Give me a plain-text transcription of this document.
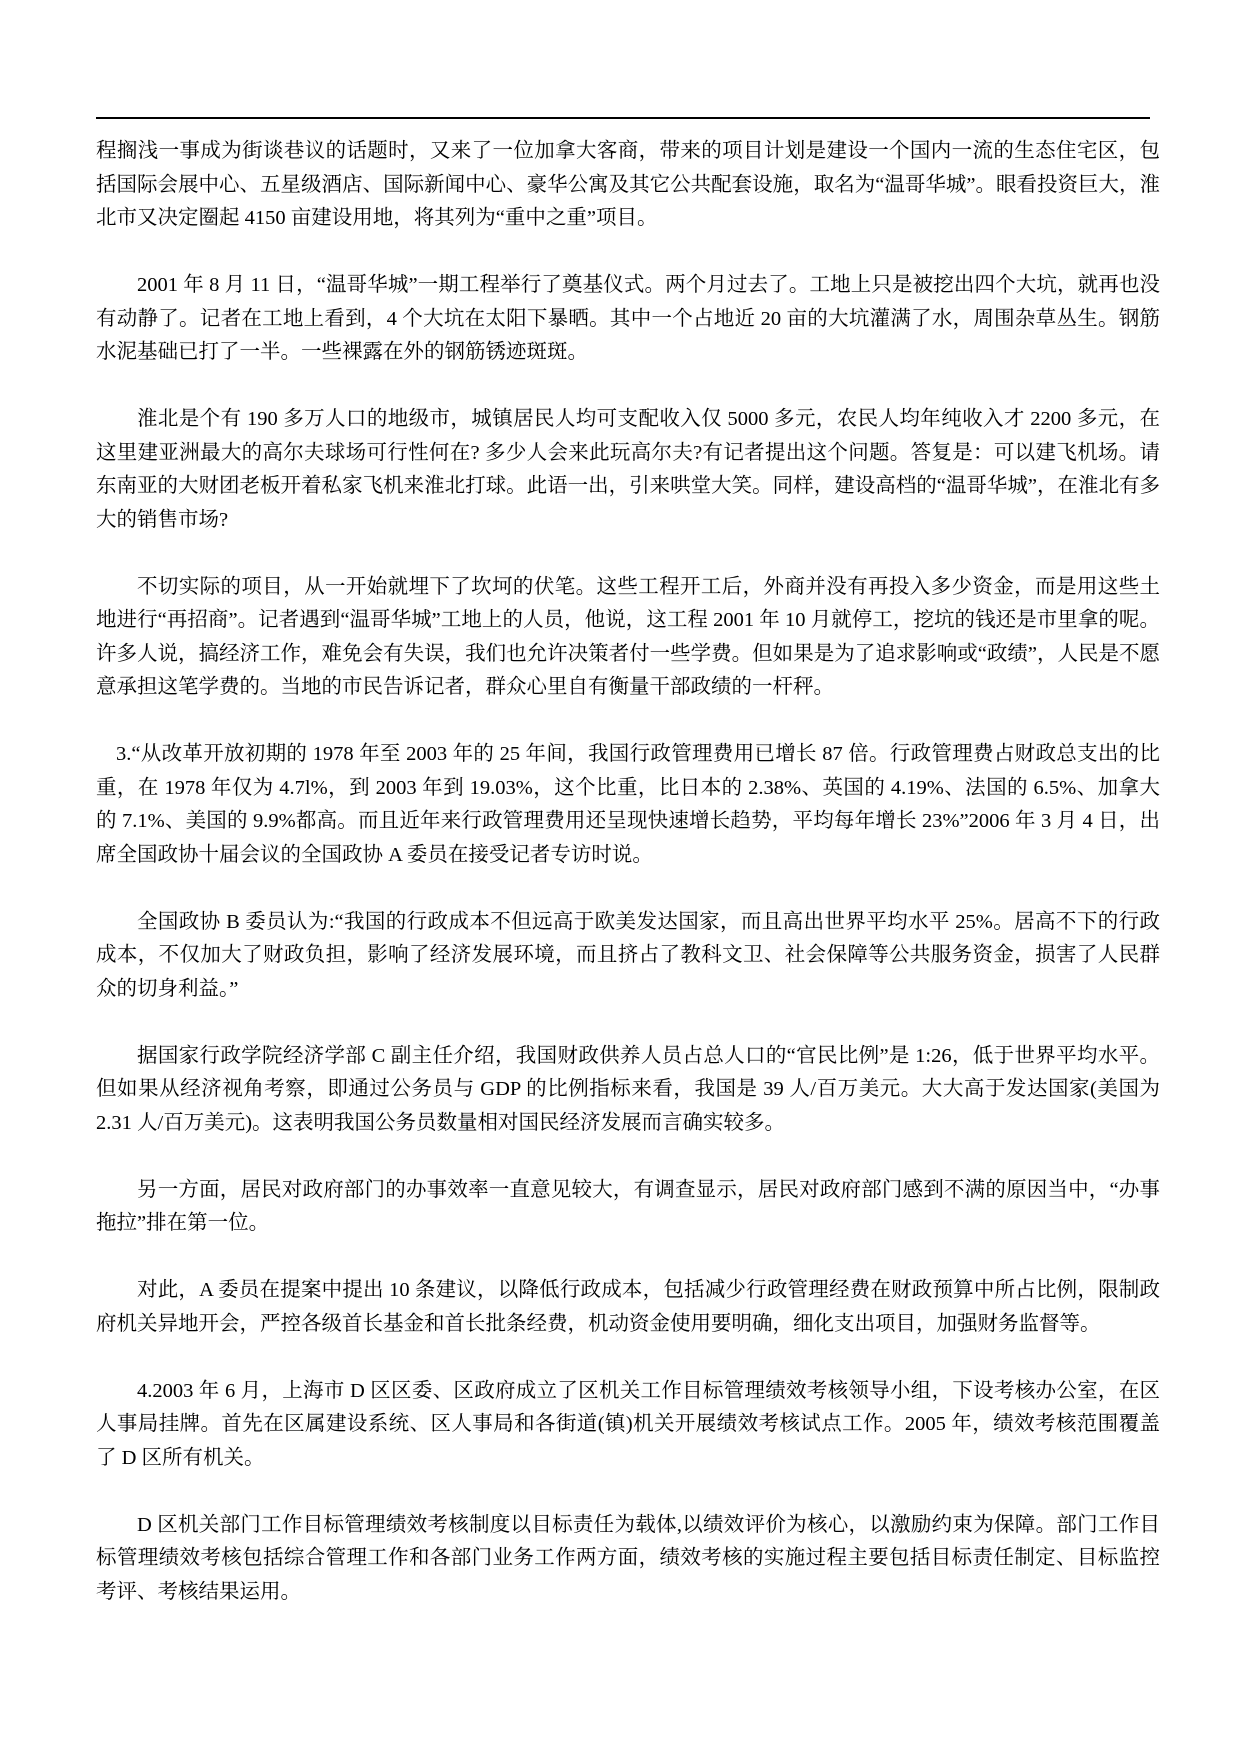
程搁浅一事成为街谈巷议的话题时，又来了一位加拿大客商，带来的项目计划是建设一个国内一流的生态住宅区，包括国际会展中心、五星级酒店、国际新闻中心、豪华公寓及其它公共配套设施，取名为“温哥华城”。眼看投资巨大，淮北市又决定圈起 4150 亩建设用地，将其列为“重中之重”项目。

2001 年 8 月 11 日，“温哥华城”一期工程举行了奠基仪式。两个月过去了。工地上只是被挖出四个大坑，就再也没有动静了。记者在工地上看到，4 个大坑在太阳下暴晒。其中一个占地近 20 亩的大坑灌满了水，周围杂草丛生。钢筋水泥基础已打了一半。一些裸露在外的钢筋锈迹斑斑。

淮北是个有 190 多万人口的地级市，城镇居民人均可支配收入仅 5000 多元，农民人均年纯收入才 2200 多元，在这里建亚洲最大的高尔夫球场可行性何在? 多少人会来此玩高尔夫?有记者提出这个问题。答复是：可以建飞机场。请东南亚的大财团老板开着私家飞机来淮北打球。此语一出，引来哄堂大笑。同样，建设高档的“温哥华城”，在淮北有多大的销售市场?

不切实际的项目，从一开始就埋下了坎坷的伏笔。这些工程开工后，外商并没有再投入多少资金，而是用这些土地进行“再招商”。记者遇到“温哥华城”工地上的人员，他说，这工程 2001 年 10 月就停工，挖坑的钱还是市里拿的呢。许多人说，搞经济工作，难免会有失误，我们也允许决策者付一些学费。但如果是为了追求影响或“政绩”，人民是不愿意承担这笔学费的。当地的市民告诉记者，群众心里自有衡量干部政绩的一杆秤。

3.“从改革开放初期的 1978 年至 2003 年的 25 年间，我国行政管理费用已增长 87 倍。行政管理费占财政总支出的比重，在 1978 年仅为 4.7l%，到 2003 年到 19.03%，这个比重，比日本的 2.38%、英国的 4.19%、法国的 6.5%、加拿大的 7.1%、美国的 9.9%都高。而且近年来行政管理费用还呈现快速增长趋势，平均每年增长 23%”2006 年 3 月 4 日，出席全国政协十届会议的全国政协 A 委员在接受记者专访时说。

全国政协 B 委员认为:“我国的行政成本不但远高于欧美发达国家，而且高出世界平均水平 25%。居高不下的行政成本，不仅加大了财政负担，影响了经济发展环境，而且挤占了教科文卫、社会保障等公共服务资金，损害了人民群众的切身利益。”

据国家行政学院经济学部 C 副主任介绍，我国财政供养人员占总人口的“官民比例”是 1:26，低于世界平均水平。但如果从经济视角考察，即通过公务员与 GDP 的比例指标来看，我国是 39 人/百万美元。大大高于发达国家(美国为 2.31 人/百万美元)。这表明我国公务员数量相对国民经济发展而言确实较多。

另一方面，居民对政府部门的办事效率一直意见较大，有调查显示，居民对政府部门感到不满的原因当中，“办事拖拉”排在第一位。

对此，A 委员在提案中提出 10 条建议，以降低行政成本，包括减少行政管理经费在财政预算中所占比例，限制政府机关异地开会，严控各级首长基金和首长批条经费，机动资金使用要明确，细化支出项目，加强财务监督等。

4.2003 年 6 月，上海市 D 区区委、区政府成立了区机关工作目标管理绩效考核领导小组，下设考核办公室，在区人事局挂牌。首先在区属建设系统、区人事局和各街道(镇)机关开展绩效考核试点工作。2005 年，绩效考核范围覆盖了 D 区所有机关。

D 区机关部门工作目标管理绩效考核制度以目标责任为载体,以绩效评价为核心，以激励约束为保障。部门工作目标管理绩效考核包括综合管理工作和各部门业务工作两方面，绩效考核的实施过程主要包括目标责任制定、目标监控考评、考核结果运用。
